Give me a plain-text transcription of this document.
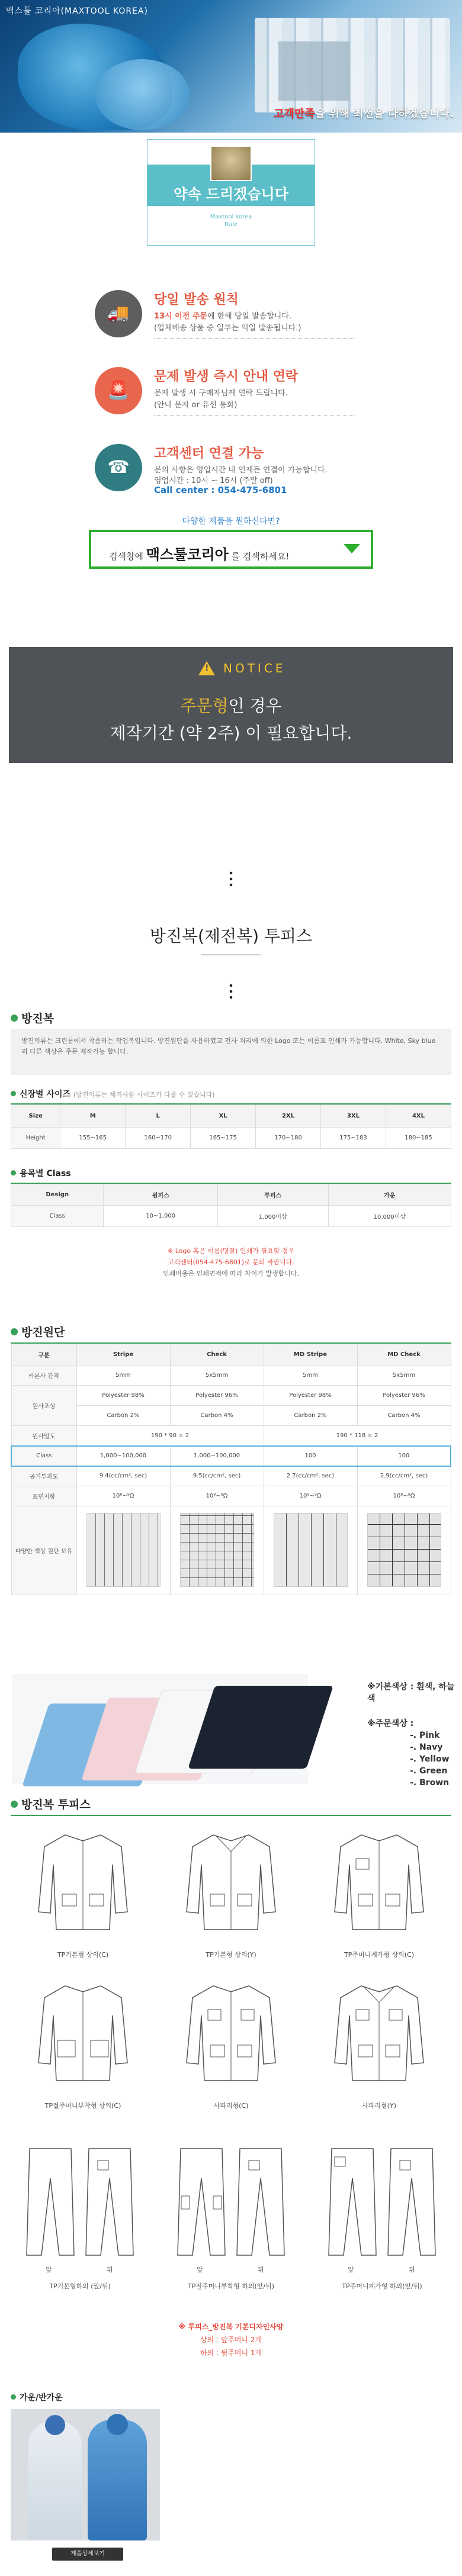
맥스툴 코리아(MAXTOOL KOREA)
고객만족을 위해 최선을 다하겠습니다.
약속 드리겠습니다
Maxtool korea
Rule
🚚
당일 발송 원칙
13시 이전 주문에 한해 당일 발송합니다.
(업체배송 상품 중 일부는 익일 발송됩니다.)
🚨
문제 발생 즉시 안내 연락
문제 발생 시 구매자님께 연락 드립니다.
(안내 문자 or 유선 통화)
☎
고객센터 연결 가능
문의 사항은 영업시간 내 언제든 연결이 가능합니다.
영업시간 : 10시 ~ 16시 (주말 off)
Call center : 054-475-6801
다양한 제품을 원하신다면?
검색창에 맥스툴코리아 를 검색하세요!
! NOTICE
주문형인 경우
제작기간 (약 2주) 이 필요합니다.
방진복(제전복) 투피스
방진복
방진의류는 크린룸에서 착용하는 작업복입니다. 방진원단을 사용하였고 전사 처리에 의한 Logo 또는 이름표 인쇄가 가능합니다. White, Sky blue외 다른 색상은 주문 제작가능 합니다.
신장별 사이즈 (방진의류는 체격사항 사이즈가 다를 수 있습니다)
Size	M	L	XL	2XL	3XL	4XL
Height	155~165	160~170	165~175	170~180	175~183	180~185
용목별 Class
Design	원피스	투피스	가운
Class	10~1,000	1,000이상	10,000이상
※ Logo 혹은 이름(명찰) 인쇄가 필요할 경우
고객센터(054-475-6801)로 문의 바랍니다.
인쇄비용은 인쇄면적에 따라 차이가 발생합니다.
방진원단
구분	Stripe	Check	MD Stripe	MD Check
카본사 간격	5mm	5x5mm	5mm	5x5mm
원사조성	Polyester 98%	Polyester 96%	Polyester 98%	Polyester 96%
	Carbon 2%	Carbon 4%	Carbon 2%	Carbon 4%
원사밀도	190 * 90 ± 2		190 * 118 ± 2	
Class	1,000~100,000	1,000~100,000	100	100
공기투과도	9.4(cc/cm², sec)	9.5(cc/cm², sec)	2.7(cc/cm², sec)	2.9(cc/cm², sec)
표면저항	10⁸~⁹Ω	10⁸~⁹Ω	10⁸~⁹Ω	10⁸~⁹Ω
다양한 색상 원단 보유				
※기본색상 : 흰색, 하늘색
※주문색상 :
-. Pink
-. Navy
-. Yellow
-. Green
-. Brown
방진복 투피스
TP기본형 상의(C)	TP기본형 상의(Y)	TP주머니계가형 상의(C)
TP절주머니부착형 상의(C)	사파리형(C)	사파리형(Y)
앞	뒤
TP기본형하의 (앞/뒤)
앞	뒤
TP절주머니부착형 하의(앞/뒤)
앞	뒤
TP주머니계가형 하의(앞/뒤)
※ 투피스_방진복 기본디자인사양
상의 : 앞주머니 2개
하의 : 뒷주머니 1개
가운/반가운
제품상세보기
